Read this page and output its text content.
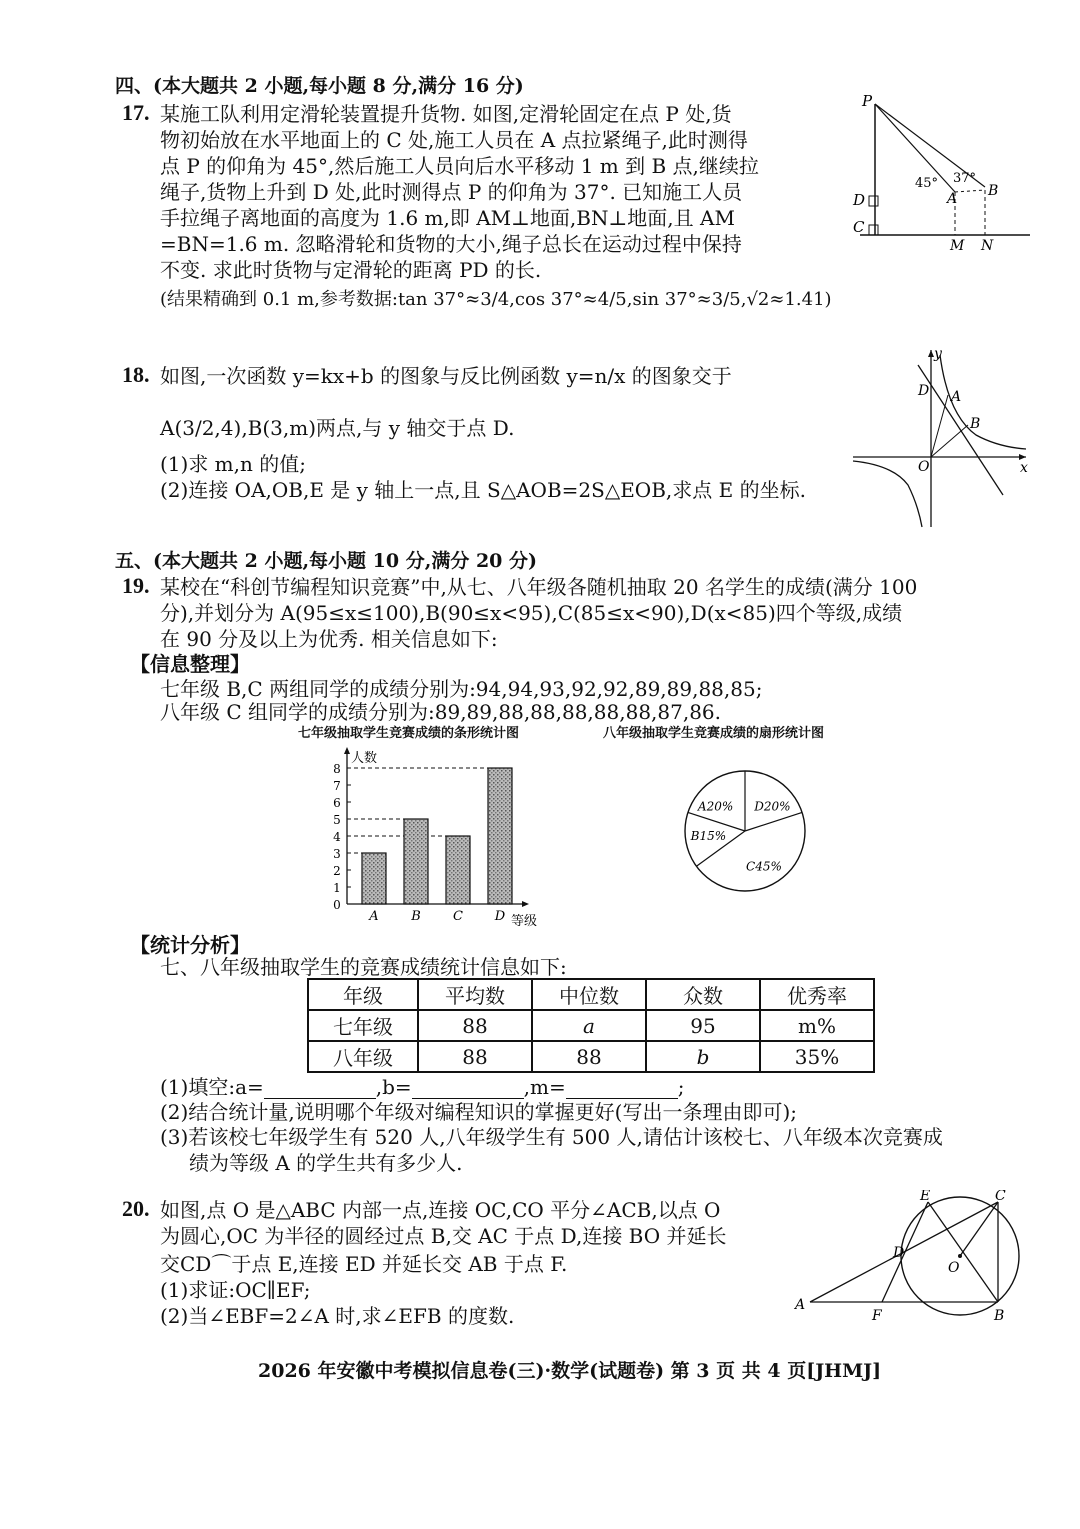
四、(本大题共 2 小题,每小题 8 分,满分 16 分)
17. 某施工队利用定滑轮装置提升货物. 如图,定滑轮固定在点 P 处,货
物初始放在水平地面上的 C 处,施工人员在 A 点拉紧绳子,此时测得
点 P 的仰角为 45°,然后施工人员向后水平移动 1 m 到 B 点,继续拉
绳子,货物上升到 D 处,此时测得点 P 的仰角为 37°. 已知施工人员
手拉绳子离地面的高度为 1.6 m,即 AM⊥地面,BN⊥地面,且 AM
=BN=1.6 m. 忽略滑轮和货物的大小,绳子总长在运动过程中保持
不变. 求此时货物与定滑轮的距离 PD 的长.
(结果精确到 0.1 m,参考数据:tan 37°≈3/4,cos 37°≈4/5,sin 37°≈3/5,√2≈1.41)
P
D
C
A B
M N
45° 37°
18. 如图,一次函数 y=kx+b 的图象与反比例函数 y=n/x 的图象交于
A(3/2,4),B(3,m)两点,与 y 轴交于点 D.
(1)求 m,n 的值;
(2)连接 OA,OB,E 是 y 轴上一点,且 S△AOB=2S△EOB,求点 E 的坐标.
y
x
O
A
B
D
五、(本大题共 2 小题,每小题 10 分,满分 20 分)
19. 某校在“科创节编程知识竞赛”中,从七、八年级各随机抽取 20 名学生的成绩(满分 100
分),并划分为 A(95≤x≤100),B(90≤x<95),C(85≤x<90),D(x<85)四个等级,成绩
在 90 分及以上为优秀. 相关信息如下:
【信息整理】
七年级 B,C 两组同学的成绩分别为:94,94,93,92,92,89,89,88,85;
八年级 C 组同学的成绩分别为:89,89,88,88,88,88,88,87,86.
七年级抽取学生竞赛成绩的条形统计图	八年级抽取学生竞赛成绩的扇形统计图
人数
等级
0
1
2
3
4
5
6
7
8
A	B C D
A20% D20%
C45%
B15%
【统计分析】
七、八年级抽取学生的竞赛成绩统计信息如下:
年级	平均数	中位数	众数	优秀率
七年级	88	a	95	m%
八年级	88	88	b	35%
(1)填空:a=	,b=	,m=	;
(2)结合统计量,说明哪个年级对编程知识的掌握更好(写出一条理由即可);
(3)若该校七年级学生有 520 人,八年级学生有 500 人,请估计该校七、八年级本次竞赛成
绩为等级 A 的学生共有多少人.
20. 如图,点 O 是△ABC 内部一点,连接 OC,CO 平分∠ACB,以点 O
为圆心,OC 为半径的圆经过点 B,交 AC 于点 D,连接 BO 并延长
交CD⌒于点 E,连接 ED 并延长交 AB 于点 F.
(1)求证:OC∥EF;
(2)当∠EBF=2∠A 时,求∠EFB 的度数.
E	C
D
O
A
F	B
2026 年安徽中考模拟信息卷(三)·数学(试题卷) 第 3 页 共 4 页[JHMJ]
